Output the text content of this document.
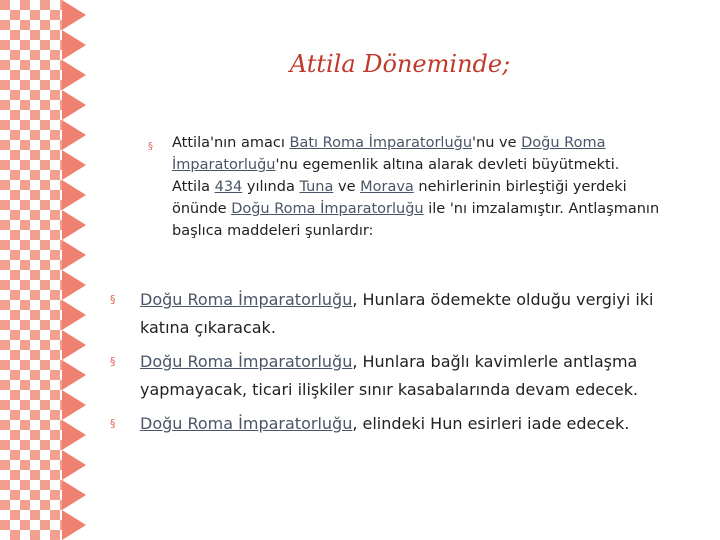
Attila Döneminde;
§ Attila'nın amacı Batı Roma İmparatorluğu'nu ve Doğu Roma
İmparatorluğu'nu egemenlik altına alarak devleti büyütmekti.
Attila 434 yılında Tuna ve Morava nehirlerinin birleştiği yerdeki
önünde Doğu Roma İmparatorluğu ile 'nı imzalamıştır. Antlaşmanın
başlıca maddeleri şunlardır:
§ Doğu Roma İmparatorluğu, Hunlara ödemekte olduğu vergiyi iki
katına çıkaracak.
§ Doğu Roma İmparatorluğu, Hunlara bağlı kavimlerle antlaşma
yapmayacak, ticari ilişkiler sınır kasabalarında devam edecek.
§ Doğu Roma İmparatorluğu, elindeki Hun esirleri iade edecek.
